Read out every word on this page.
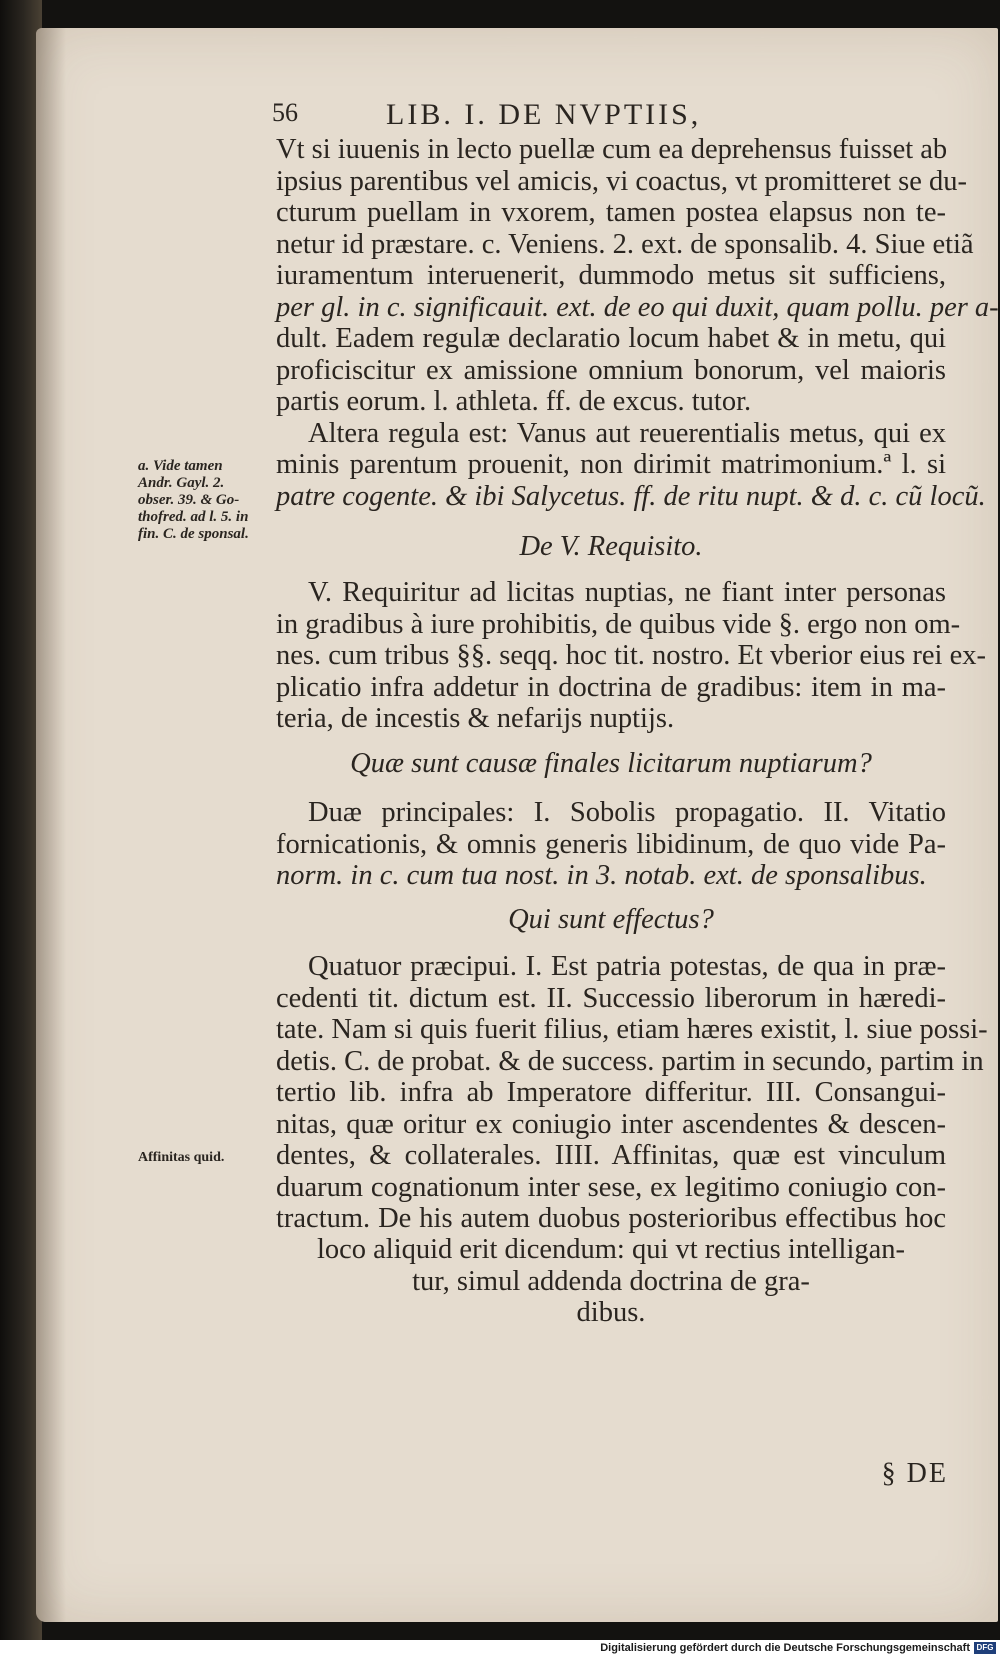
56	LIB. I. DE NVPTIIS,
Vt si iuuenis in lecto puellæ cum ea deprehensus fuisset ab
ipsius parentibus vel amicis, vi coactus, vt promitteret se du-
cturum puellam in vxorem, tamen postea elapsus non te-
netur id præstare. c. Veniens. 2. ext. de sponsalib. 4. Siue etiã
iuramentum interuenerit, dummodo metus sit sufficiens,
per gl. in c. significauit. ext. de eo qui duxit, quam pollu. per a-
dult. Eadem regulæ declaratio locum habet & in metu, qui
proficiscitur ex amissione omnium bonorum, vel maioris
partis eorum. l. athleta. ff. de excus. tutor.
Altera regula est: Vanus aut reuerentialis metus, qui ex
minis parentum prouenit, non dirimit matrimonium.ª l. si
patre cogente. & ibi Salycetus. ff. de ritu nupt. & d. c. cũ locũ.
a. Vide tamen
Andr. Gayl. 2.
obser. 39. & Go-
thofred. ad l. 5. in
fin. C. de sponsal.	De V. Requisito.
V. Requiritur ad licitas nuptias, ne fiant inter personas
in gradibus à iure prohibitis, de quibus vide §. ergo non om-
nes. cum tribus §§. seqq. hoc tit. nostro. Et vberior eius rei ex-
plicatio infra addetur in doctrina de gradibus: item in ma-
teria, de incestis & nefarijs nuptijs.
Quæ sunt causæ finales licitarum nuptiarum?
Duæ principales: I. Sobolis propagatio. II. Vitatio
fornicationis, & omnis generis libidinum, de quo vide Pa-
norm. in c. cum tua nost. in 3. notab. ext. de sponsalibus.
Qui sunt effectus?
Quatuor præcipui. I. Est patria potestas, de qua in præ-
cedenti tit. dictum est. II. Successio liberorum in hæredi-
tate. Nam si quis fuerit filius, etiam hæres existit, l. siue possi-
detis. C. de probat. & de success. partim in secundo, partim in
tertio lib. infra ab Imperatore differitur. III. Consangui-
nitas, quæ oritur ex coniugio inter ascendentes & descen-
dentes, & collaterales. IIII. Affinitas, quæ est vinculum
duarum cognationum inter sese, ex legitimo coniugio con-
tractum. De his autem duobus posterioribus effectibus hoc
Affinitas quid.
loco aliquid erit dicendum: qui vt rectius intelligan-
tur, simul addenda doctrina de gra-
dibus.
§ DE
Digitalisierung gefördert durch die Deutsche Forschungsgemeinschaft DFG
